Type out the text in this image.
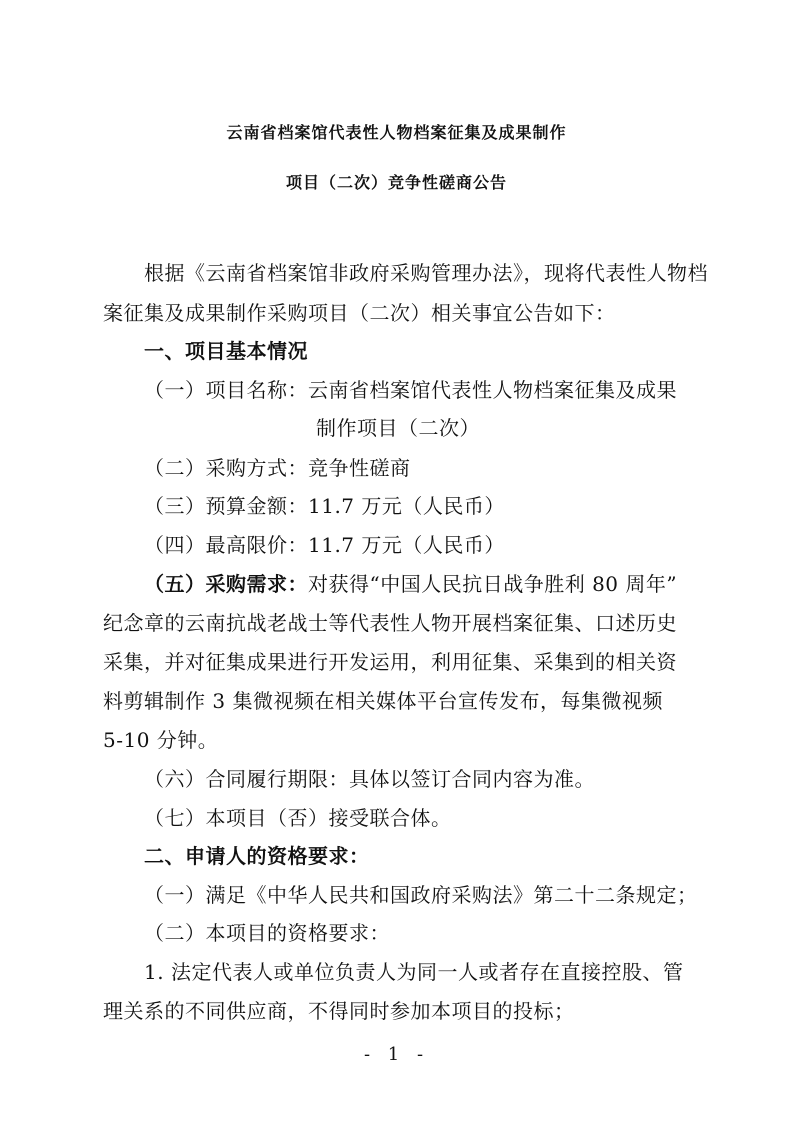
云南省档案馆代表性人物档案征集及成果制作
项目（二次）竞争性磋商公告
根据《云南省档案馆非政府采购管理办法》，现将代表性人物档
案征集及成果制作采购项目（二次）相关事宜公告如下：
一、项目基本情况
（一）项目名称：云南省档案馆代表性人物档案征集及成果
制作项目（二次）
（二）采购方式：竞争性磋商
（三）预算金额：11.7 万元（人民币）
（四）最高限价：11.7 万元（人民币）
（五）采购需求：对获得“中国人民抗日战争胜利 80 周年”
纪念章的云南抗战老战士等代表性人物开展档案征集、口述历史
采集，并对征集成果进行开发运用，利用征集、采集到的相关资
料剪辑制作 3 集微视频在相关媒体平台宣传发布，每集微视频
5-10 分钟。
（六）合同履行期限：具体以签订合同内容为准。
（七）本项目（否）接受联合体。
二、申请人的资格要求：
（一）满足《中华人民共和国政府采购法》第二十二条规定；
（二）本项目的资格要求：
1. 法定代表人或单位负责人为同一人或者存在直接控股、管
理关系的不同供应商，不得同时参加本项目的投标；
- 1 -
